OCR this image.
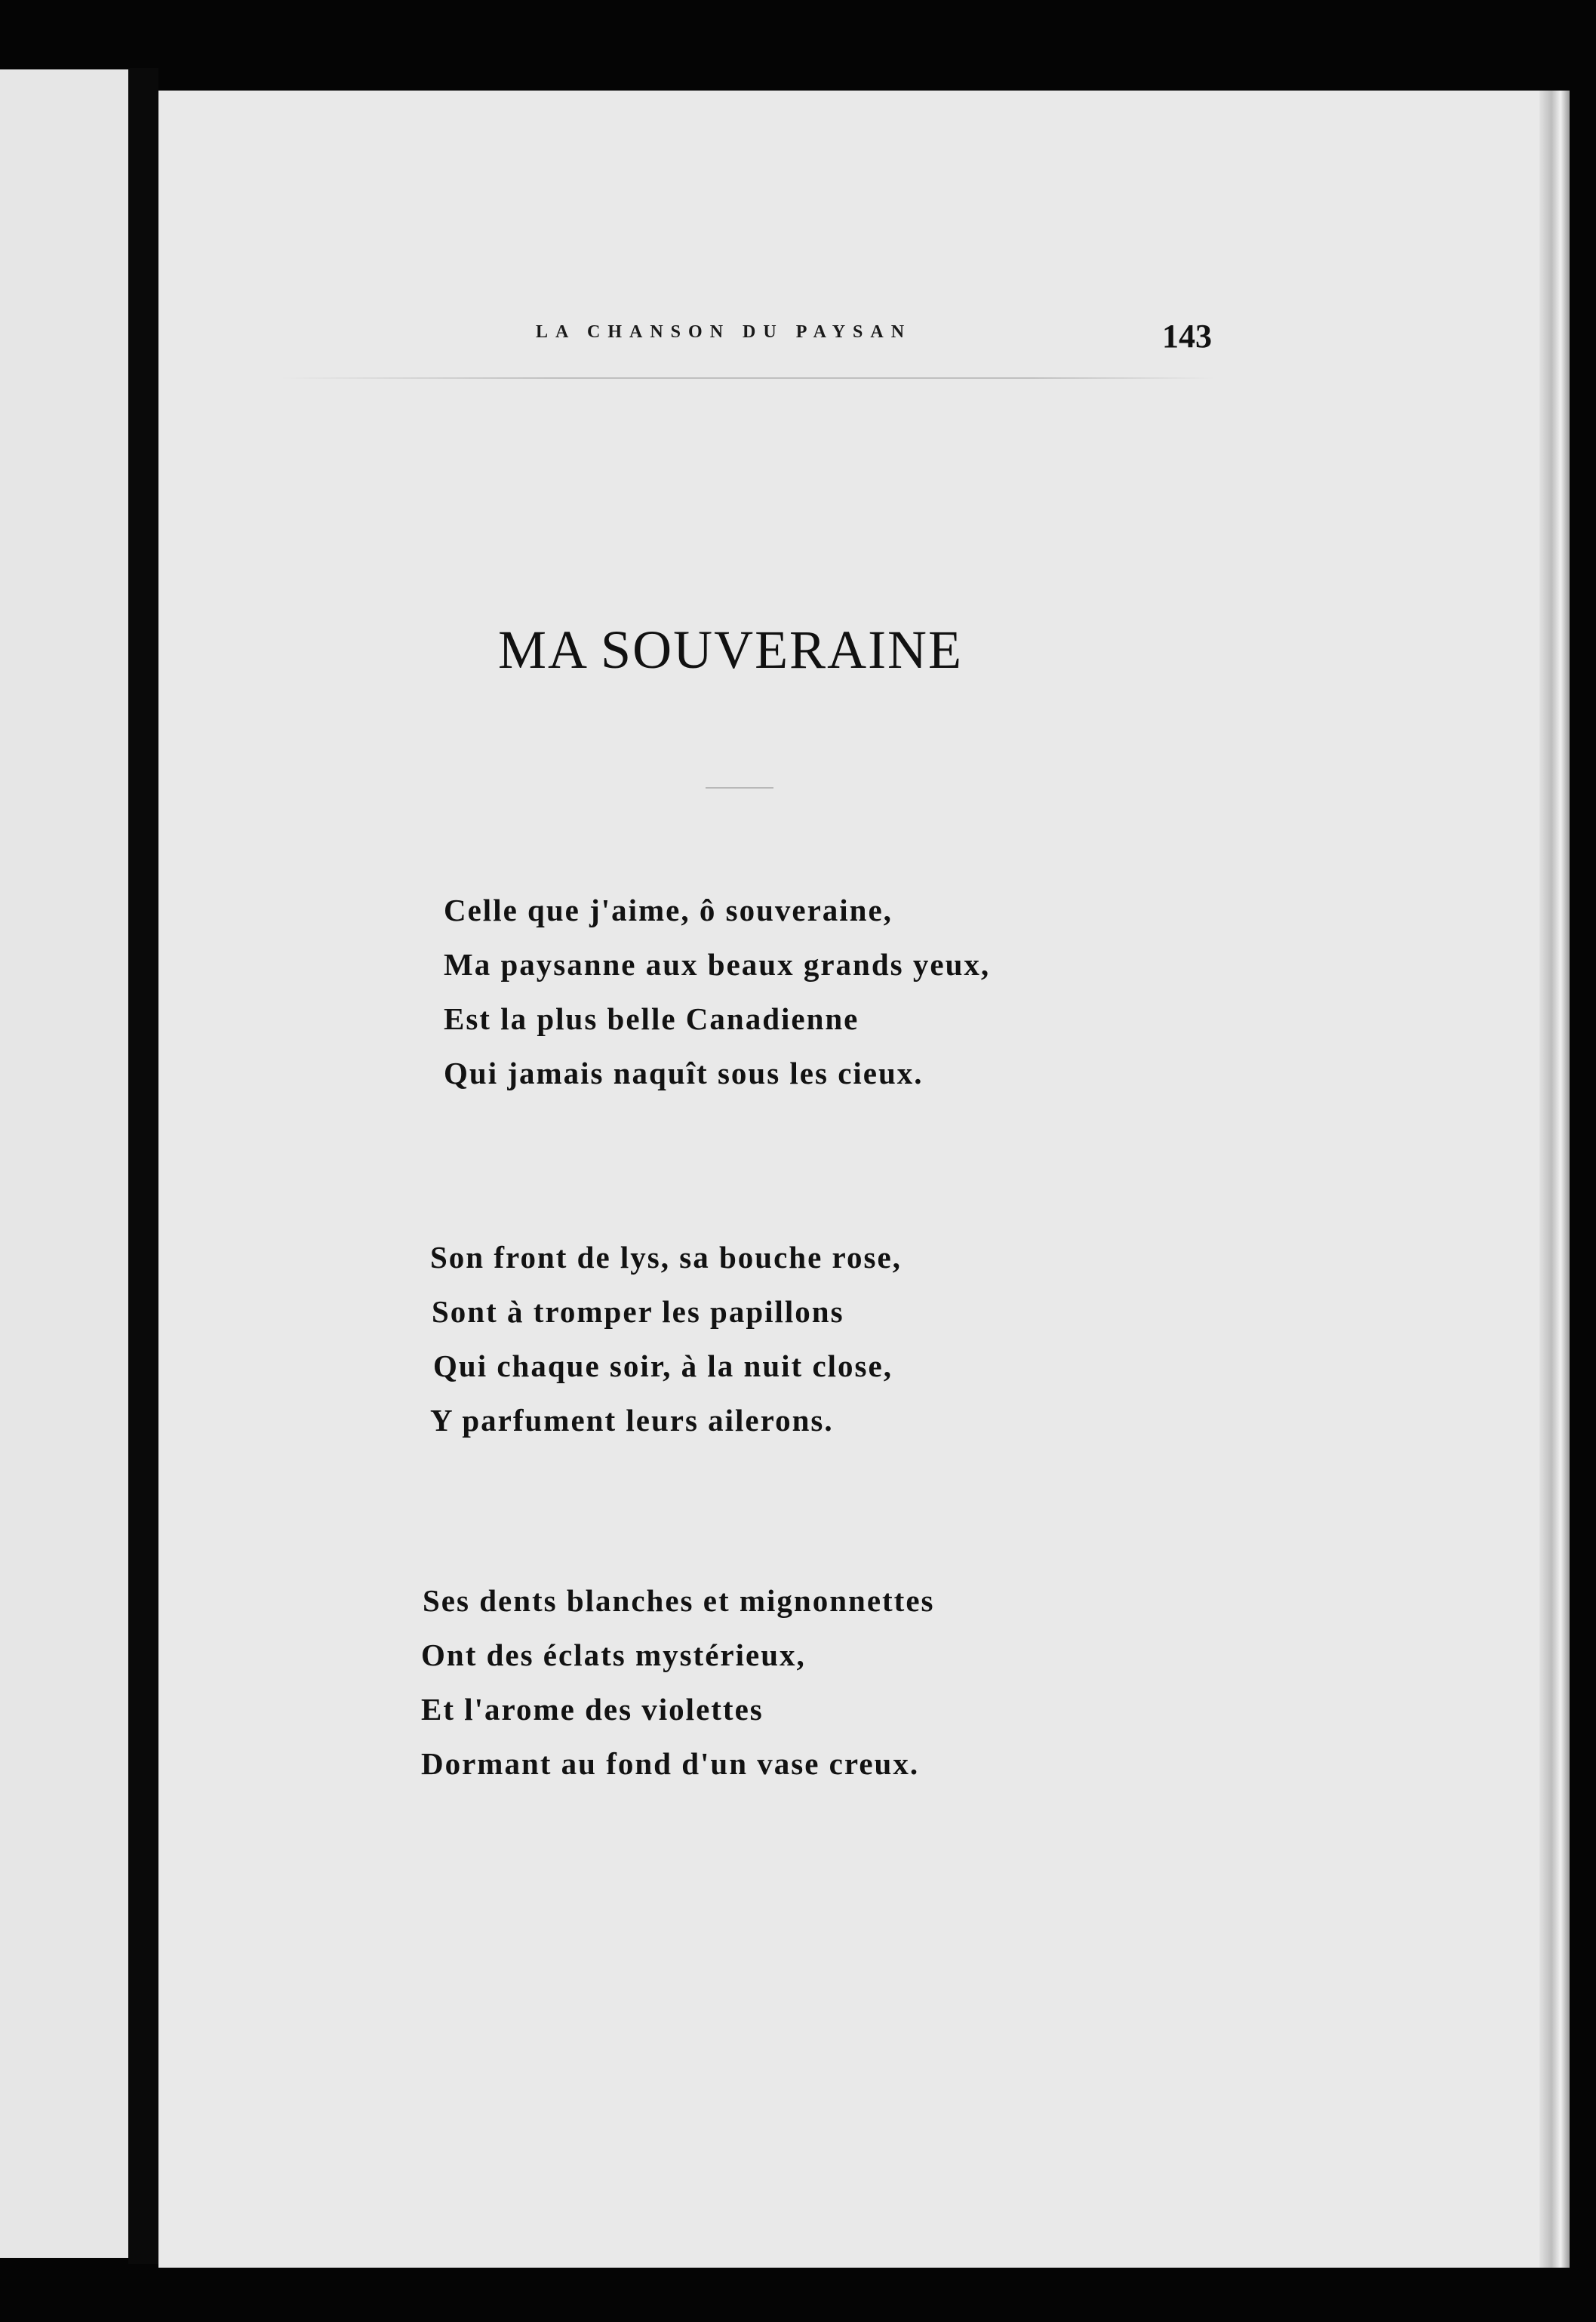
LA CHANSON DU PAYSAN	143
MA SOUVERAINE
Celle que j'aime, ô souveraine,
Ma paysanne aux beaux grands yeux,
Est la plus belle Canadienne
Qui jamais naquît sous les cieux.
Son front de lys, sa bouche rose,
Sont à tromper les papillons
Qui chaque soir, à la nuit close,
Y parfument leurs ailerons.
Ses dents blanches et mignonnettes
Ont des éclats mystérieux,
Et l'arome des violettes
Dormant au fond d'un vase creux.
